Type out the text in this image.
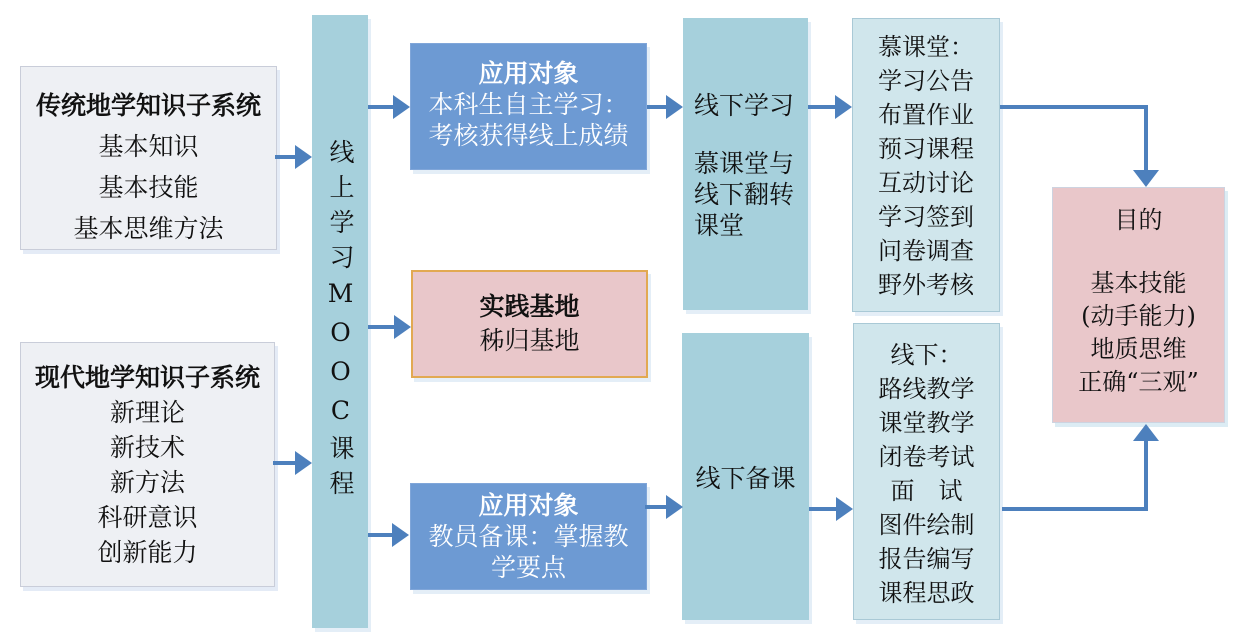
传统地学知识子系统
基本知识
基本技能
基本思维方法
现代地学知识子系统
新理论
新技术
新方法
科研意识
创新能力
线上学习MOOC课程
应用对象
本科生自主学习：
考核获得线上成绩
实践基地
秭归基地
应用对象
教员备课：掌握教
学要点
线下学习
慕课堂与
线下翻转
课堂
线下备课
慕课堂：
学习公告
布置作业
预习课程
互动讨论
学习签到
问卷调查
野外考核
线下：
路线教学
课堂教学
闭卷考试
面　试
图件绘制
报告编写
课程思政
目的
基本技能
(动手能力)
地质思维
正确“三观”
